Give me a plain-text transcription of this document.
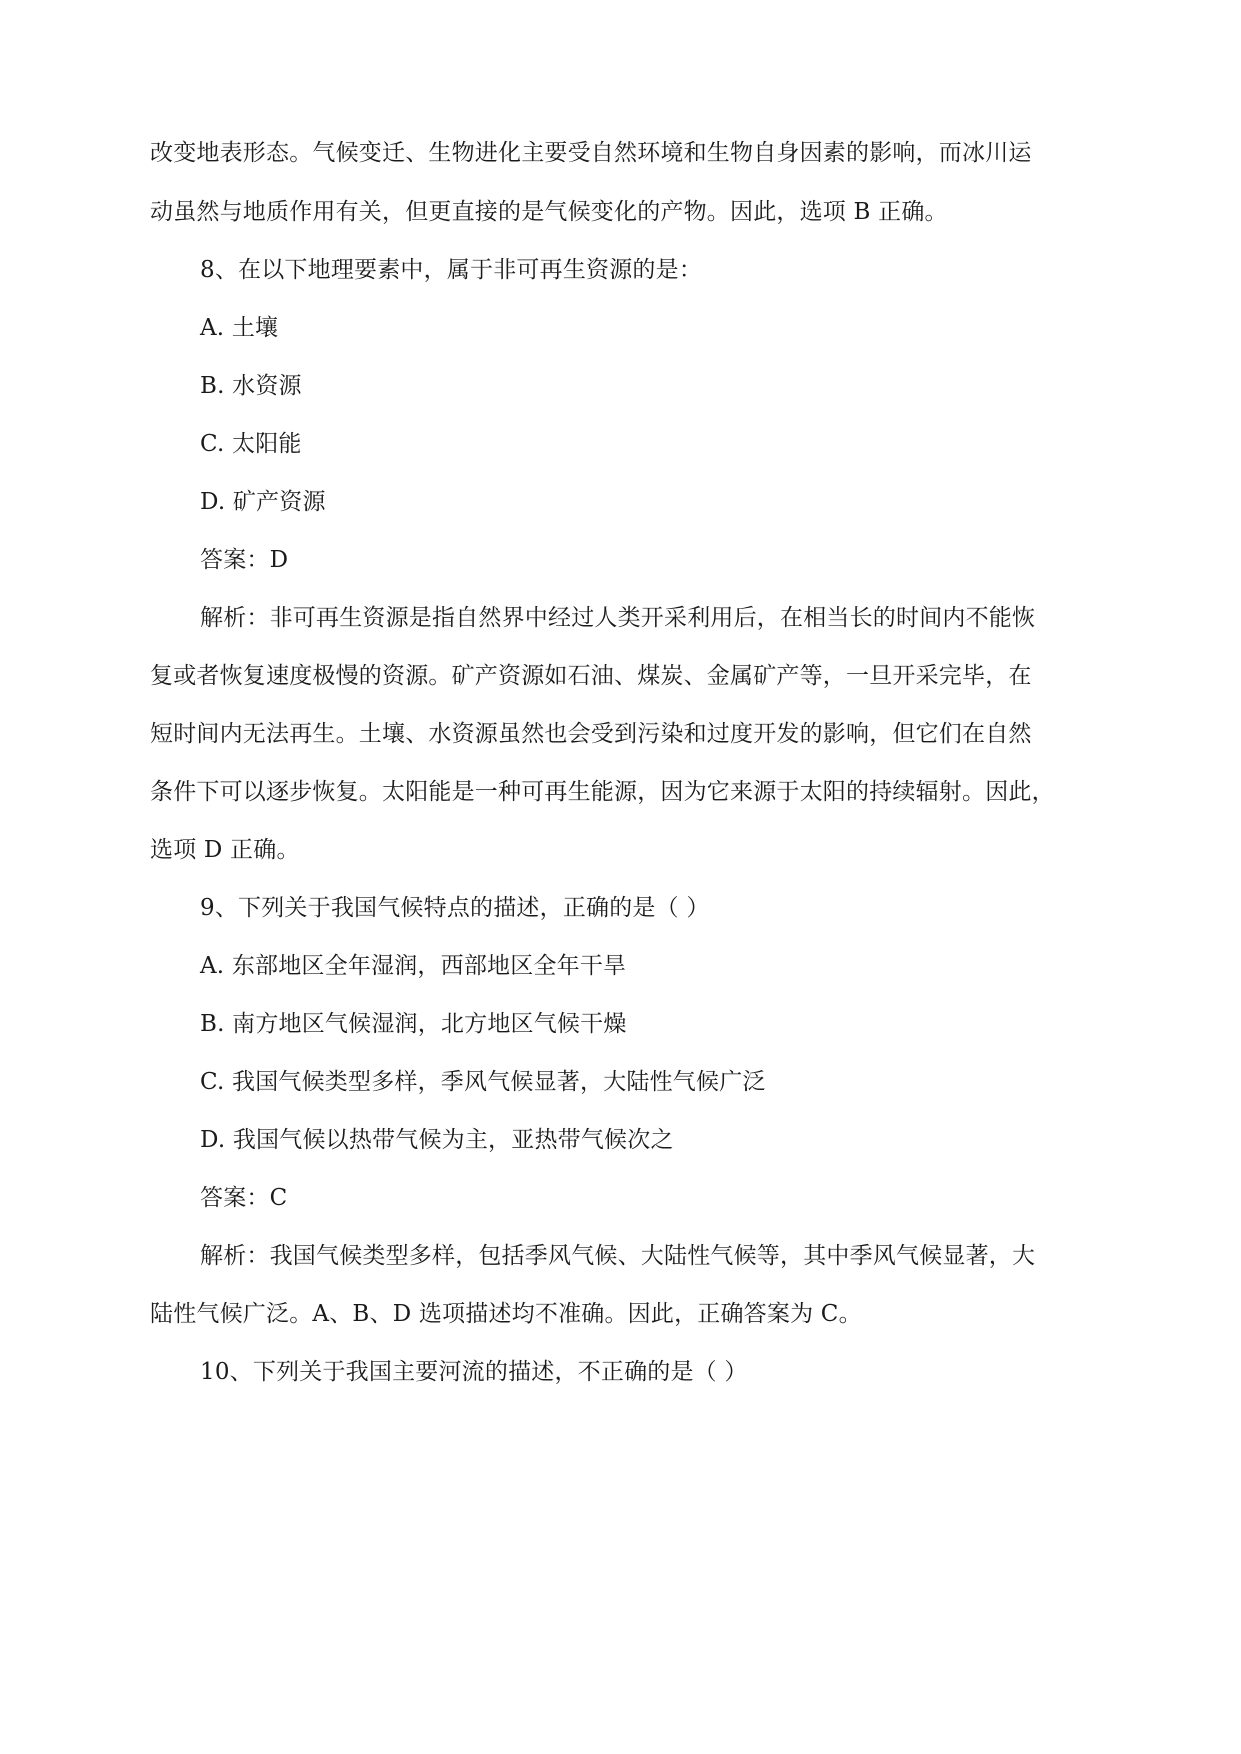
改变地表形态。气候变迁、生物进化主要受自然环境和生物自身因素的影响，而冰川运
动虽然与地质作用有关，但更直接的是气候变化的产物。因此，选项 B 正确。
8、在以下地理要素中，属于非可再生资源的是：
A. 土壤
B. 水资源
C. 太阳能
D. 矿产资源
答案：D
解析：非可再生资源是指自然界中经过人类开采利用后，在相当长的时间内不能恢
复或者恢复速度极慢的资源。矿产资源如石油、煤炭、金属矿产等，一旦开采完毕，在
短时间内无法再生。土壤、水资源虽然也会受到污染和过度开发的影响，但它们在自然
条件下可以逐步恢复。太阳能是一种可再生能源，因为它来源于太阳的持续辐射。因此，
选项 D 正确。
9、下列关于我国气候特点的描述，正确的是（ ）
A. 东部地区全年湿润，西部地区全年干旱
B. 南方地区气候湿润，北方地区气候干燥
C. 我国气候类型多样，季风气候显著，大陆性气候广泛
D. 我国气候以热带气候为主，亚热带气候次之
答案：C
解析：我国气候类型多样，包括季风气候、大陆性气候等，其中季风气候显著，大
陆性气候广泛。A、B、D 选项描述均不准确。因此，正确答案为 C。
10、下列关于我国主要河流的描述，不正确的是（ ）
